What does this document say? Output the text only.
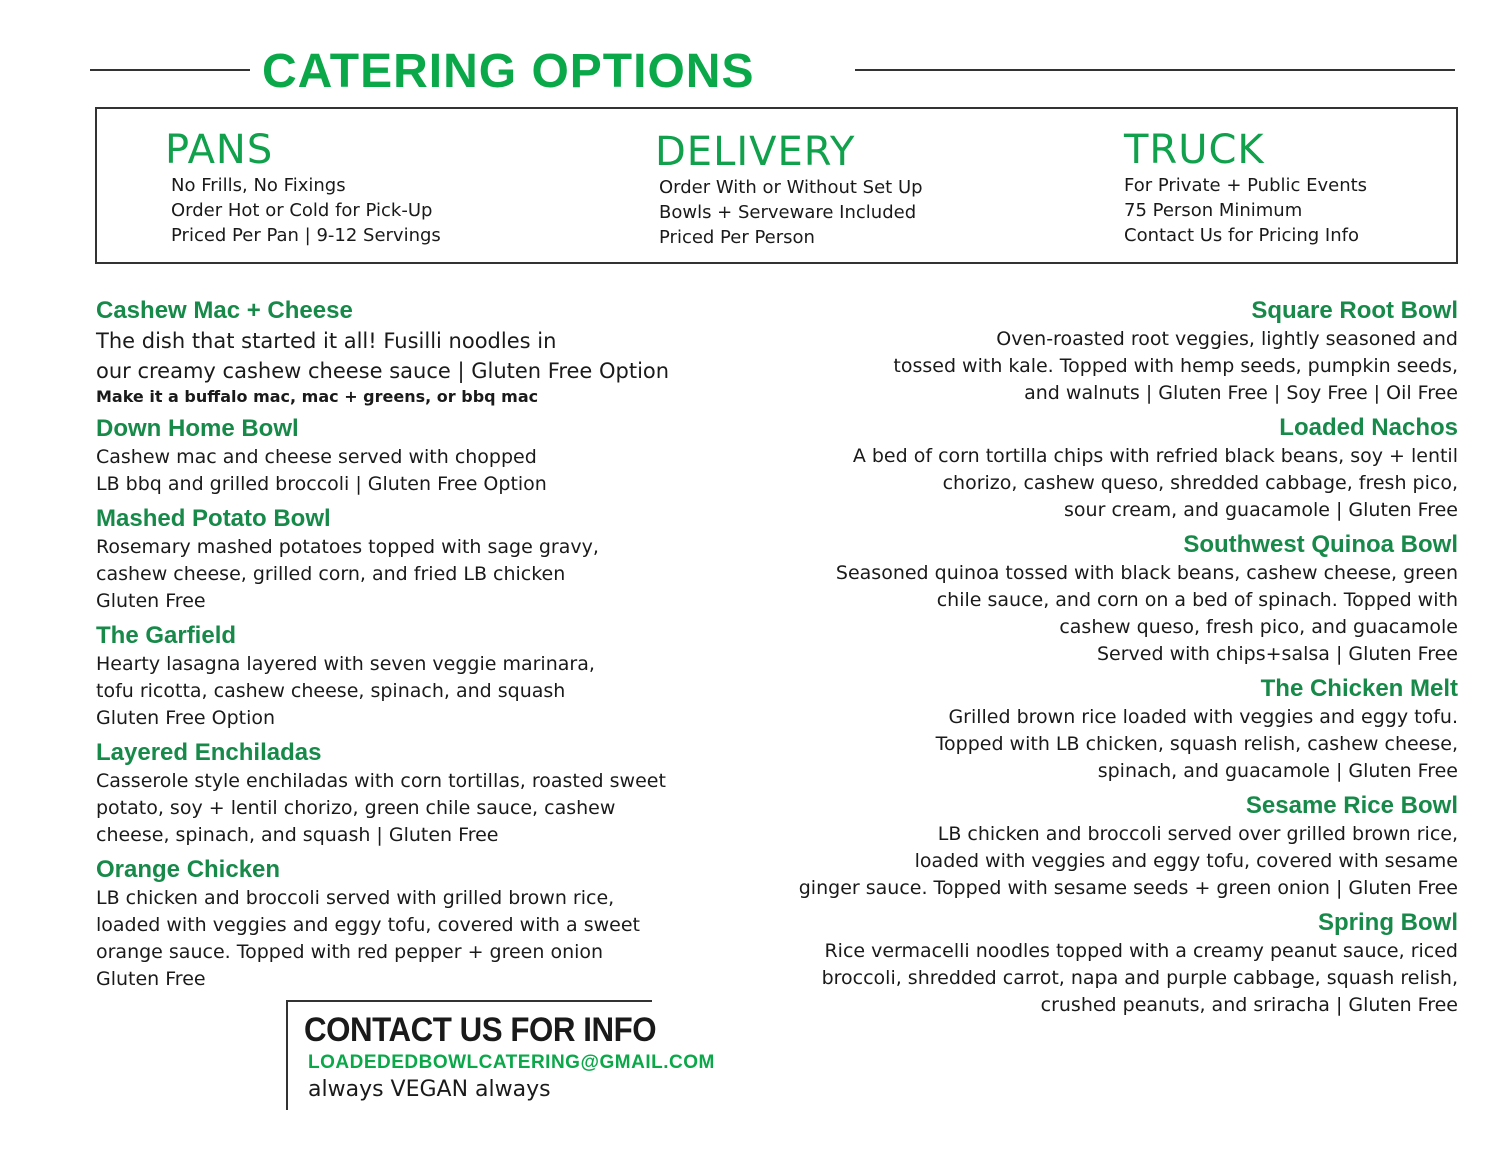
CATERING OPTIONS
PANS
No Frills, No Fixings
Order Hot or Cold for Pick-Up
Priced Per Pan | 9-12 Servings
DELIVERY
Order With or Without Set Up
Bowls + Serveware Included
Priced Per Person
TRUCK
For Private + Public Events
75 Person Minimum
Contact Us for Pricing Info
Cashew Mac + Cheese
The dish that started it all! Fusilli noodles in
our creamy cashew cheese sauce | Gluten Free Option
Make it a buffalo mac, mac + greens, or bbq mac
Down Home Bowl
Cashew mac and cheese served with chopped
LB bbq and grilled broccoli | Gluten Free Option
Mashed Potato Bowl
Rosemary mashed potatoes topped with sage gravy,
cashew cheese, grilled corn, and fried LB chicken
Gluten Free
The Garfield
Hearty lasagna layered with seven veggie marinara,
tofu ricotta, cashew cheese, spinach, and squash
Gluten Free Option
Layered Enchiladas
Casserole style enchiladas with corn tortillas, roasted sweet
potato, soy + lentil chorizo, green chile sauce, cashew
cheese, spinach, and squash | Gluten Free
Orange Chicken
LB chicken and broccoli served with grilled brown rice,
loaded with veggies and eggy tofu, covered with a sweet
orange sauce. Topped with red pepper + green onion
Gluten Free
Square Root Bowl
Oven-roasted root veggies, lightly seasoned and
tossed with kale. Topped with hemp seeds, pumpkin seeds,
and walnuts | Gluten Free | Soy Free | Oil Free
Loaded Nachos
A bed of corn tortilla chips with refried black beans, soy + lentil
chorizo, cashew queso, shredded cabbage, fresh pico,
sour cream, and guacamole | Gluten Free
Southwest Quinoa Bowl
Seasoned quinoa tossed with black beans, cashew cheese, green
chile sauce, and corn on a bed of spinach. Topped with
cashew queso, fresh pico, and guacamole
Served with chips+salsa | Gluten Free
The Chicken Melt
Grilled brown rice loaded with veggies and eggy tofu.
Topped with LB chicken, squash relish, cashew cheese,
spinach, and guacamole | Gluten Free
Sesame Rice Bowl
LB chicken and broccoli served over grilled brown rice,
loaded with veggies and eggy tofu, covered with sesame
ginger sauce. Topped with sesame seeds + green onion | Gluten Free
Spring Bowl
Rice vermacelli noodles topped with a creamy peanut sauce, riced
broccoli, shredded carrot, napa and purple cabbage, squash relish,
crushed peanuts, and sriracha | Gluten Free
CONTACT US FOR INFO
LOADEDEDBOWLCATERING@GMAIL.COM
always VEGAN always
